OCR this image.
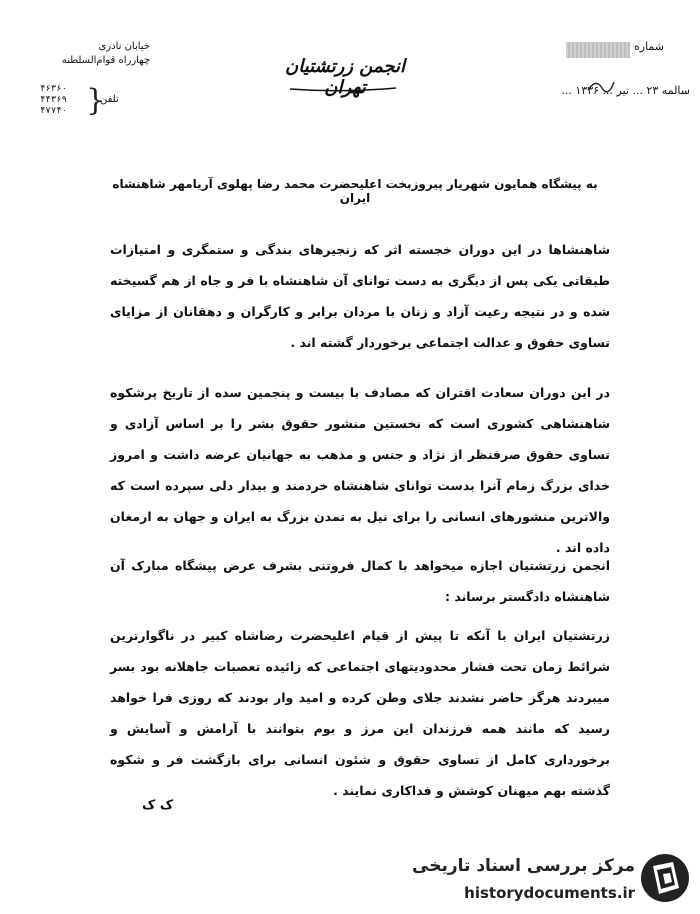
خیابان نادری
چهارراه قوام‌السلطنه
۴۶۳۶۰
۴۴۳۶۹
۴۷۷۴۰ }
تلفن
انجمن زرتشتیان تهران
شماره
سالمه ۲۳ ... تیر ... ۱۳۳۶ ...
به پیشگاه همایون شهریار پیروزبخت اعلیحضرت محمد رضا پهلوی آریامهر شاهنشاه ایران
شاهنشاها در این دوران خجسته اثر که زنجیرهای بندگی و ستمگری و امتیازات طبقاتی یکی پس از دیگری به دست توانای آن شاهنشاه با فر و جاه از هم گسیخته شده و در نتیجه رعیت آزاد و زنان با مردان برابر و کارگران و دهقانان از مزایای تساوی حقوق و عدالت اجتماعی برخوردار گشته اند .
در این دوران سعادت اقتران که مصادف با بیست و پنجمین سده از تاریخ پرشکوه شاهنشاهی کشوری است که نخستین منشور حقوق بشر را بر اساس آزادی و تساوی حقوق صرفنظر از نژاد و جنس و مذهب به جهانیان عرضه داشت و امروز خدای بزرگ زمام آنرا بدست توانای شاهنشاه خردمند و بیدار دلی سپرده است که والاترین منشورهای انسانی را برای نیل به تمدن بزرگ به ایران و جهان به ارمغان داده اند .
انجمن زرتشتیان اجازه میخواهد با کمال فروتنی بشرف عرض پیشگاه مبارک آن شاهنشاه دادگستر برساند :
زرتشتیان ایران با آنکه تا پیش از قیام اعلیحضرت رضاشاه کبیر در ناگوارترین شرائط زمان تحت فشار محدودیتهای اجتماعی که زائیده تعصبات جاهلانه بود بسر میبردند هرگز حاضر نشدند جلای وطن کرده و امید وار بودند که روزی فرا خواهد رسید که مانند همه فرزندان این مرز و بوم بتوانند با آرامش و آسایش و برخورداری کامل از تساوی حقوق و شئون انسانی برای بازگشت فر و شکوه گذشته بهم میهنان کوشش و فداکاری نمایند .
ک ک
مرکز بررسی اسناد تاریخی
historydocuments.ir
